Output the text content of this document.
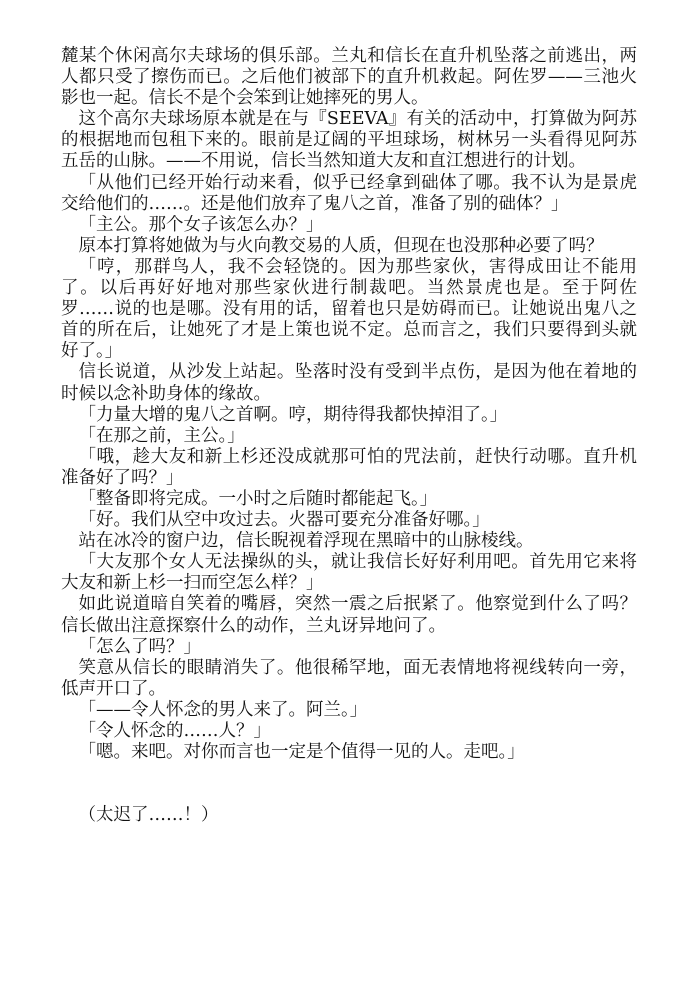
麓某个休闲高尔夫球场的俱乐部。兰丸和信长在直升机坠落之前逃出，两人都只受了擦伤而已。之后他们被部下的直升机救起。阿佐罗——三池火影也一起。信长不是个会笨到让她摔死的男人。

这个高尔夫球场原本就是在与『SEEVA』有关的活动中，打算做为阿苏的根据地而包租下来的。眼前是辽阔的平坦球场，树林另一头看得见阿苏五岳的山脉。——不用说，信长当然知道大友和直江想进行的计划。

「从他们已经开始行动来看，似乎已经拿到础体了哪。我不认为是景虎交给他们的……。还是他们放弃了鬼八之首，准备了别的础体？」

「主公。那个女子该怎么办？」

原本打算将她做为与火向教交易的人质，但现在也没那种必要了吗？

「哼，那群鸟人，我不会轻饶的。因为那些家伙，害得成田让不能用了。以后再好好地对那些家伙进行制裁吧。当然景虎也是。至于阿佐罗……说的也是哪。没有用的话，留着也只是妨碍而已。让她说出鬼八之首的所在后，让她死了才是上策也说不定。总而言之，我们只要得到头就好了。」

信长说道，从沙发上站起。坠落时没有受到半点伤，是因为他在着地的时候以念补助身体的缘故。

「力量大增的鬼八之首啊。哼，期待得我都快掉泪了。」

「在那之前，主公。」

「哦，趁大友和新上杉还没成就那可怕的咒法前，赶快行动哪。直升机准备好了吗？」

「整备即将完成。一小时之后随时都能起飞。」

「好。我们从空中攻过去。火器可要充分准备好哪。」

站在冰冷的窗户边，信长睨视着浮现在黑暗中的山脉棱线。

「大友那个女人无法操纵的头，就让我信长好好利用吧。首先用它来将大友和新上杉一扫而空怎么样？」

如此说道暗自笑着的嘴唇，突然一震之后抿紧了。他察觉到什么了吗？信长做出注意探察什么的动作，兰丸讶异地问了。

「怎么了吗？」

笑意从信长的眼睛消失了。他很稀罕地，面无表情地将视线转向一旁，低声开口了。

「——令人怀念的男人来了。阿兰。」

「令人怀念的……人？」

「嗯。来吧。对你而言也一定是个值得一见的人。走吧。」

（太迟了……！）
